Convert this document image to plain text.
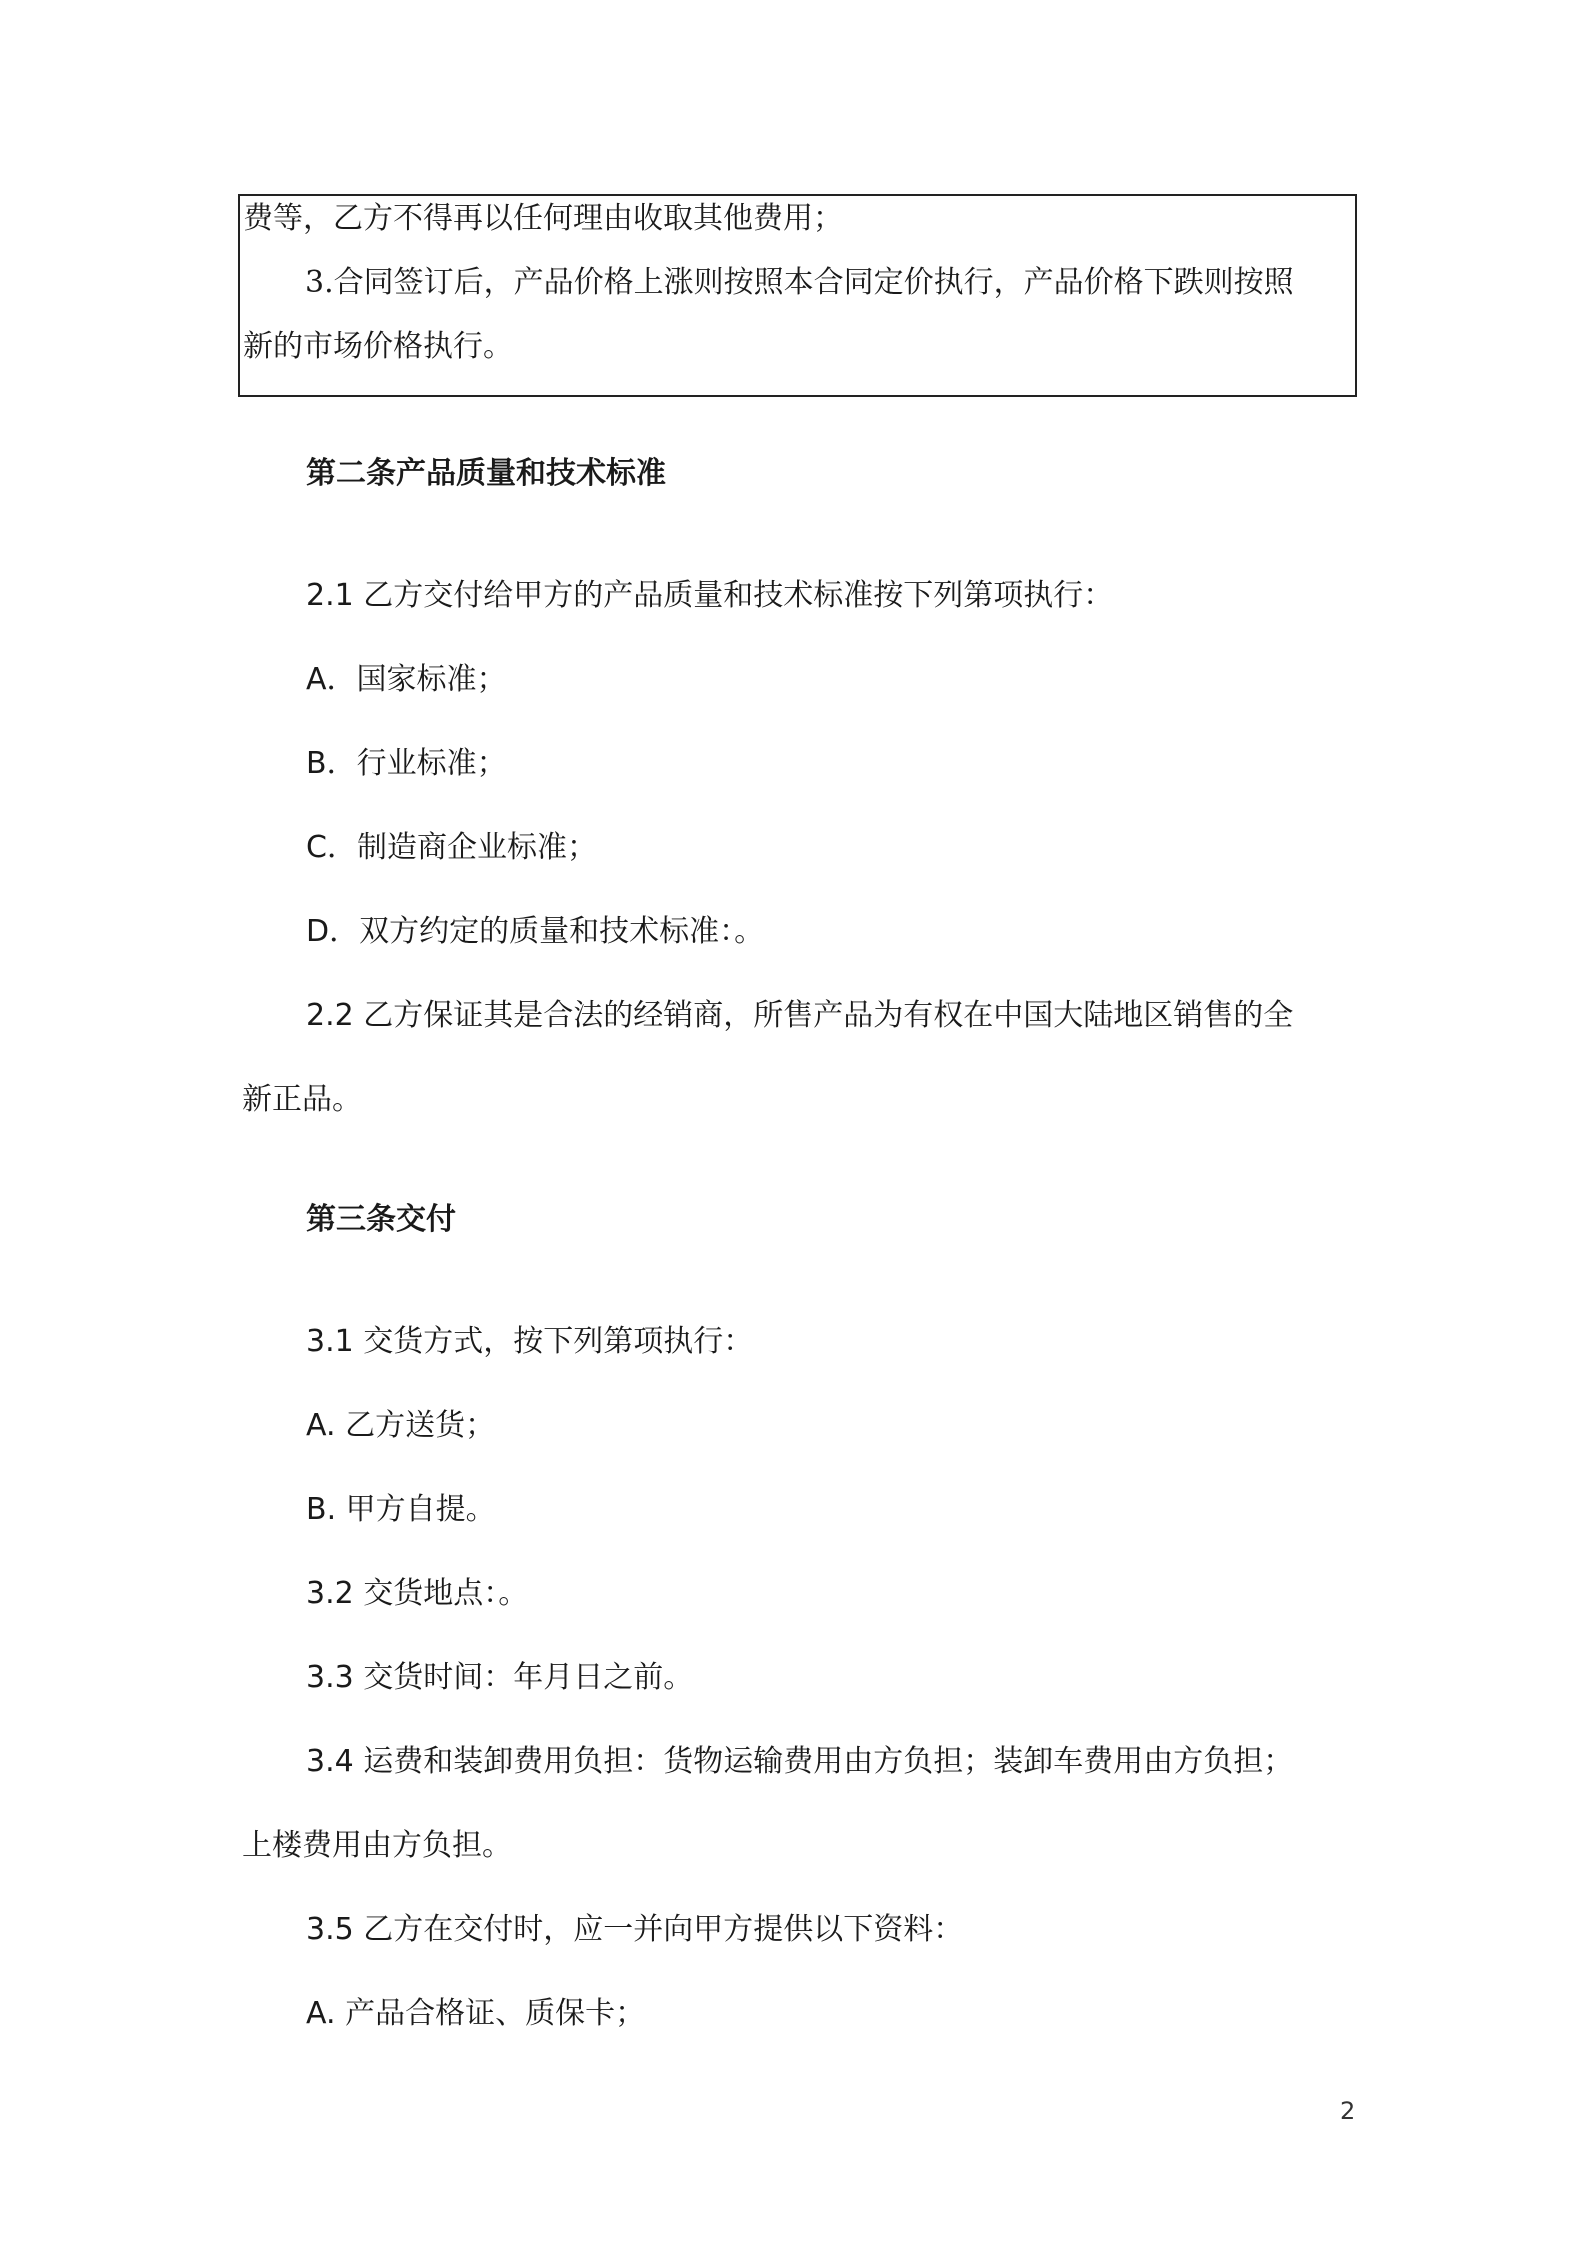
费等，乙方不得再以任何理由收取其他费用；
3.合同签订后，产品价格上涨则按照本合同定价执行，产品价格下跌则按照
新的市场价格执行。
第二条产品质量和技术标准
2.1 乙方交付给甲方的产品质量和技术标准按下列第项执行：
A．国家标准；
B．行业标准；
C．制造商企业标准；
D．双方约定的质量和技术标准：。
2.2 乙方保证其是合法的经销商，所售产品为有权在中国大陆地区销售的全
新正品。
第三条交付
3.1 交货方式，按下列第项执行：
A. 乙方送货；
B. 甲方自提。
3.2 交货地点：。
3.3 交货时间：年月日之前。
3.4 运费和装卸费用负担：货物运输费用由方负担；装卸车费用由方负担；
上楼费用由方负担。
3.5 乙方在交付时，应一并向甲方提供以下资料：
A. 产品合格证、质保卡；
2
